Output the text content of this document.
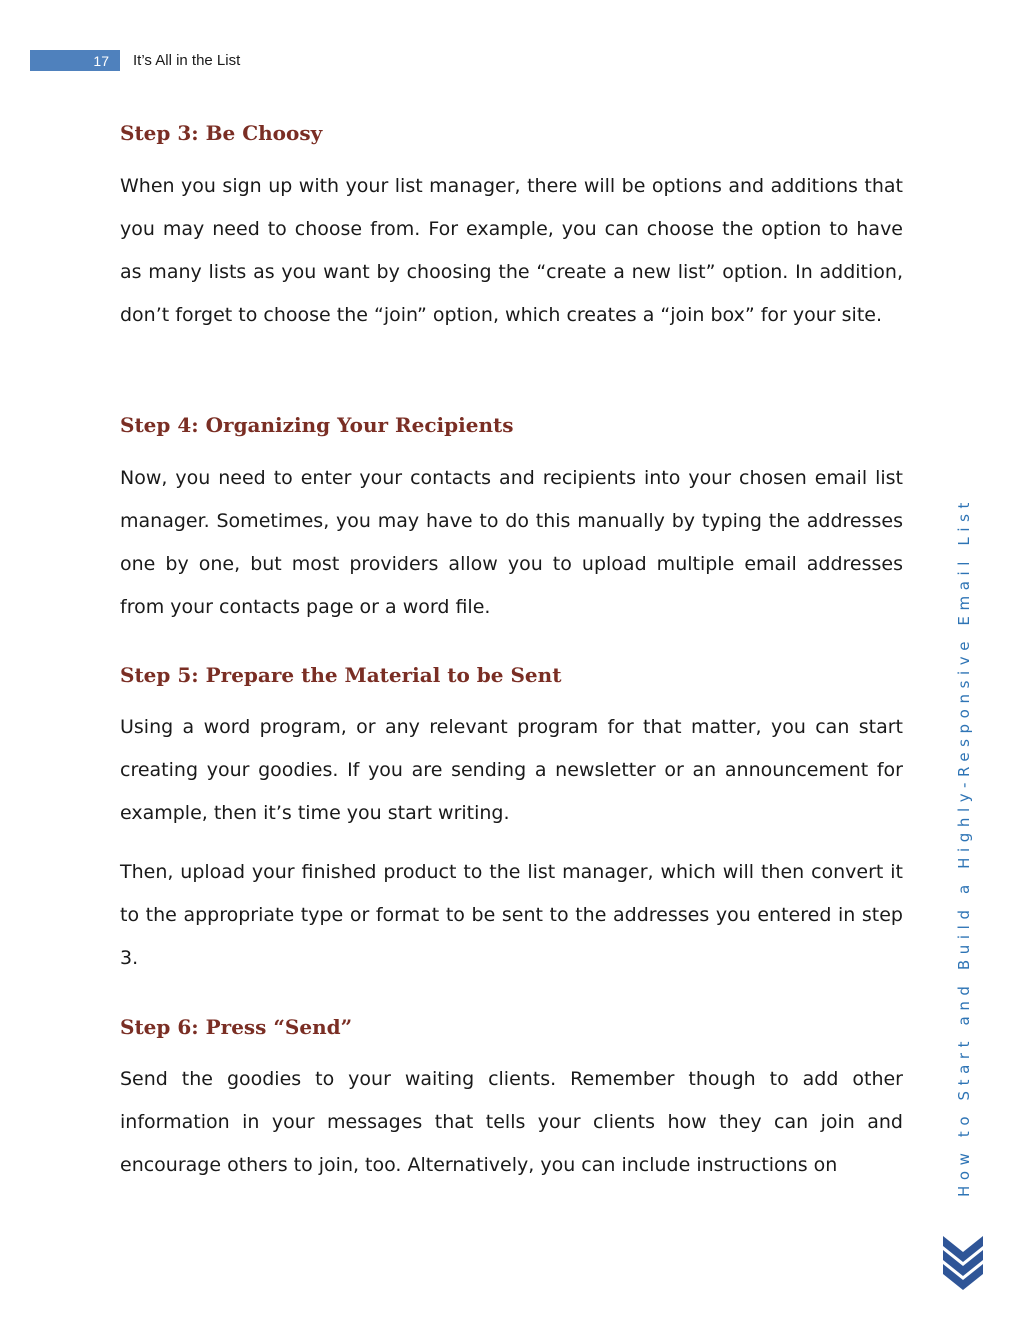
17	It’s All in the List
Step 3: Be Choosy
When you sign up with your list manager, there will be options and additions that you may need to choose from. For example, you can choose the option to have as many lists as you want by choosing the “create a new list” option. In addition, don’t forget to choose the “join” option, which creates a “join box” for your site.
Step 4: Organizing Your Recipients
Now, you need to enter your contacts and recipients into your chosen email list manager. Sometimes, you may have to do this manually by typing the addresses one by one, but most providers allow you to upload multiple email addresses from your contacts page or a word file.
Step 5: Prepare the Material to be Sent
Using a word program, or any relevant program for that matter, you can start creating your goodies. If you are sending a newsletter or an announcement for example, then it’s time you start writing.
Then, upload your finished product to the list manager, which will then convert it to the appropriate type or format to be sent to the addresses you entered in step 3.
Step 6: Press “Send”
Send the goodies to your waiting clients. Remember though to add other information in your messages that tells your clients how they can join and encourage others to join, too. Alternatively, you can include instructions on	How to Start and Build a Highly-Responsive Email List
